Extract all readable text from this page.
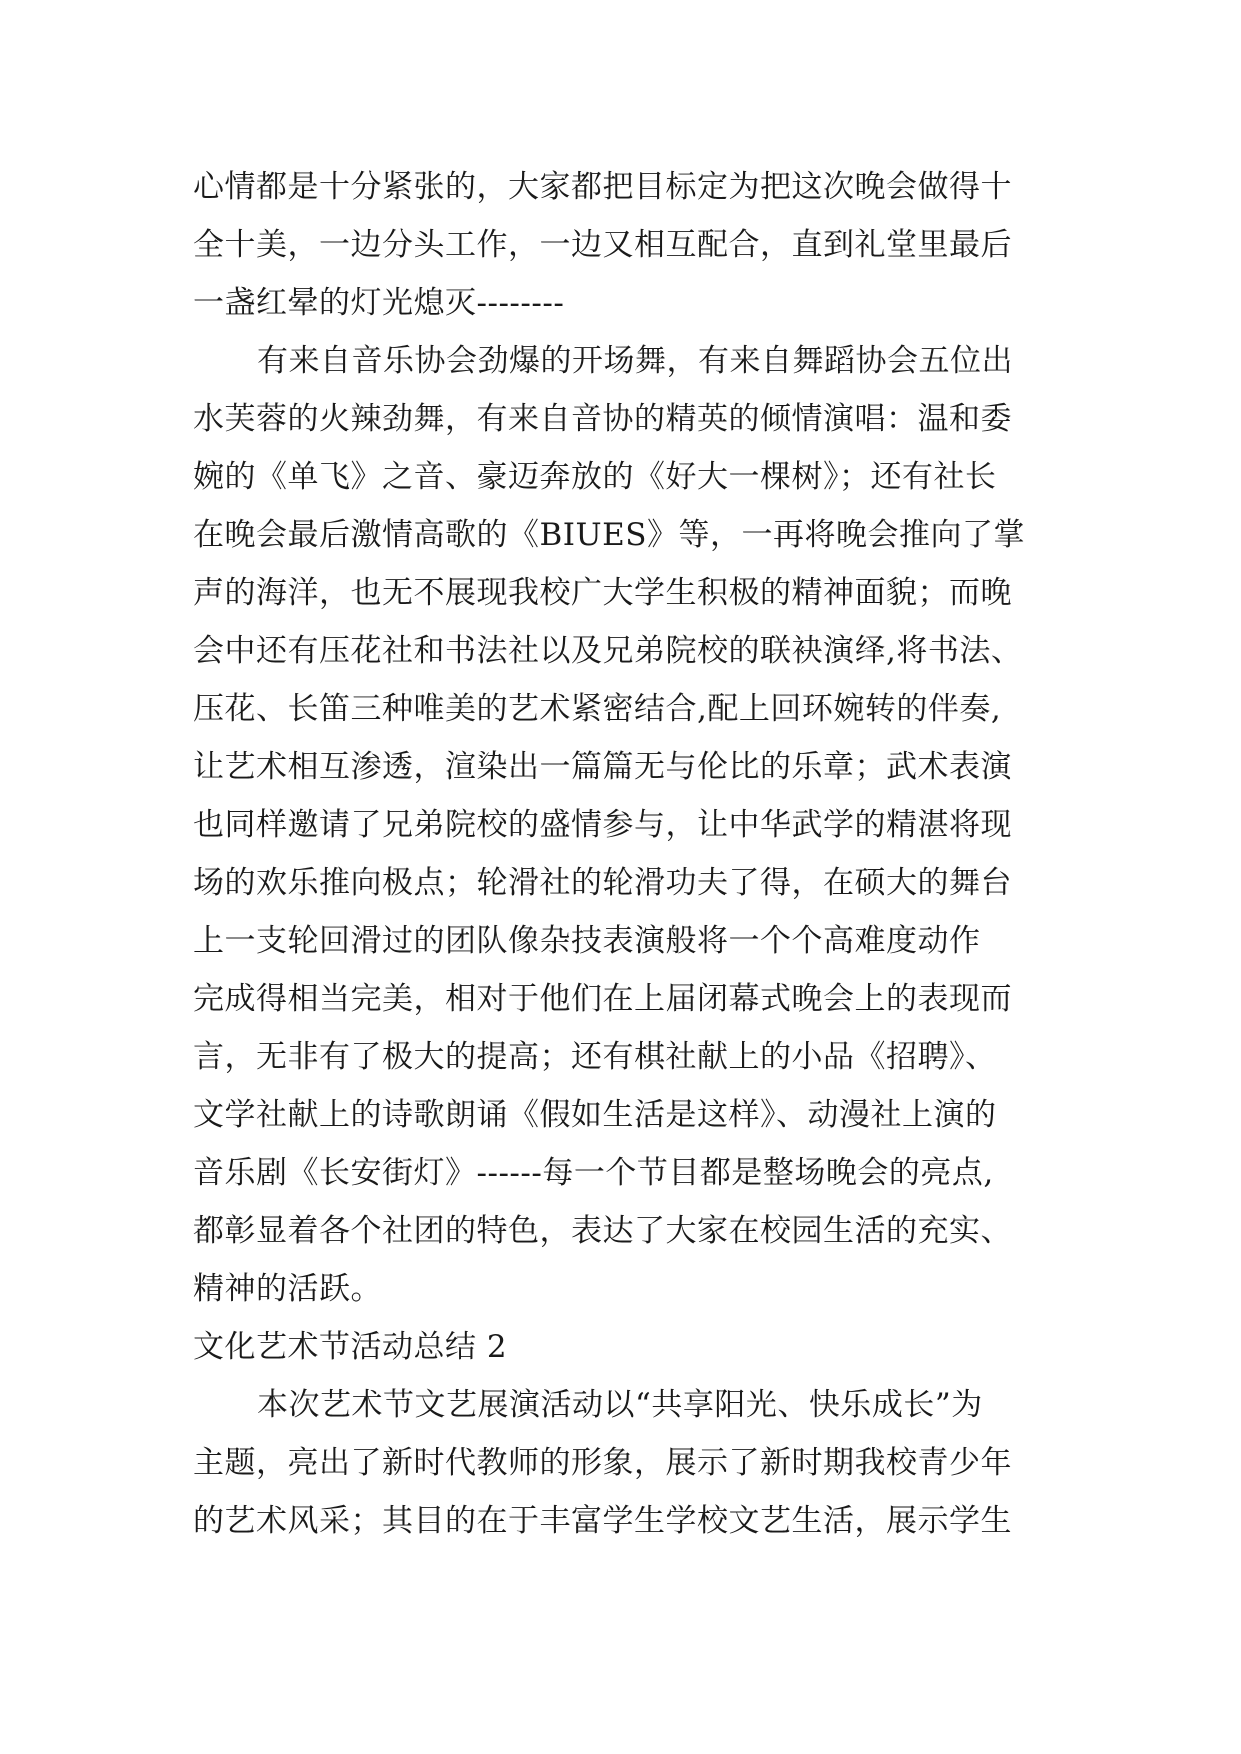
心情都是十分紧张的，大家都把目标定为把这次晚会做得十
全十美，一边分头工作，一边又相互配合，直到礼堂里最后
一盏红晕的灯光熄灭--------
有来自音乐协会劲爆的开场舞，有来自舞蹈协会五位出
水芙蓉的火辣劲舞，有来自音协的精英的倾情演唱：温和委
婉的《单飞》之音、豪迈奔放的《好大一棵树》；还有社长
在晚会最后激情高歌的《BIUES》等，一再将晚会推向了掌
声的海洋，也无不展现我校广大学生积极的精神面貌；而晚
会中还有压花社和书法社以及兄弟院校的联袂演绎,将书法、
压花、长笛三种唯美的艺术紧密结合,配上回环婉转的伴奏,
让艺术相互渗透，渲染出一篇篇无与伦比的乐章；武术表演
也同样邀请了兄弟院校的盛情参与，让中华武学的精湛将现
场的欢乐推向极点；轮滑社的轮滑功夫了得，在硕大的舞台
上一支轮回滑过的团队像杂技表演般将一个个高难度动作
完成得相当完美，相对于他们在上届闭幕式晚会上的表现而
言，无非有了极大的提高；还有棋社献上的小品《招聘》、
文学社献上的诗歌朗诵《假如生活是这样》、动漫社上演的
音乐剧《长安街灯》------每一个节目都是整场晚会的亮点,
都彰显着各个社团的特色，表达了大家在校园生活的充实、
精神的活跃。
文化艺术节活动总结 2
本次艺术节文艺展演活动以“共享阳光、快乐成长”为
主题，亮出了新时代教师的形象，展示了新时期我校青少年
的艺术风采；其目的在于丰富学生学校文艺生活，展示学生
